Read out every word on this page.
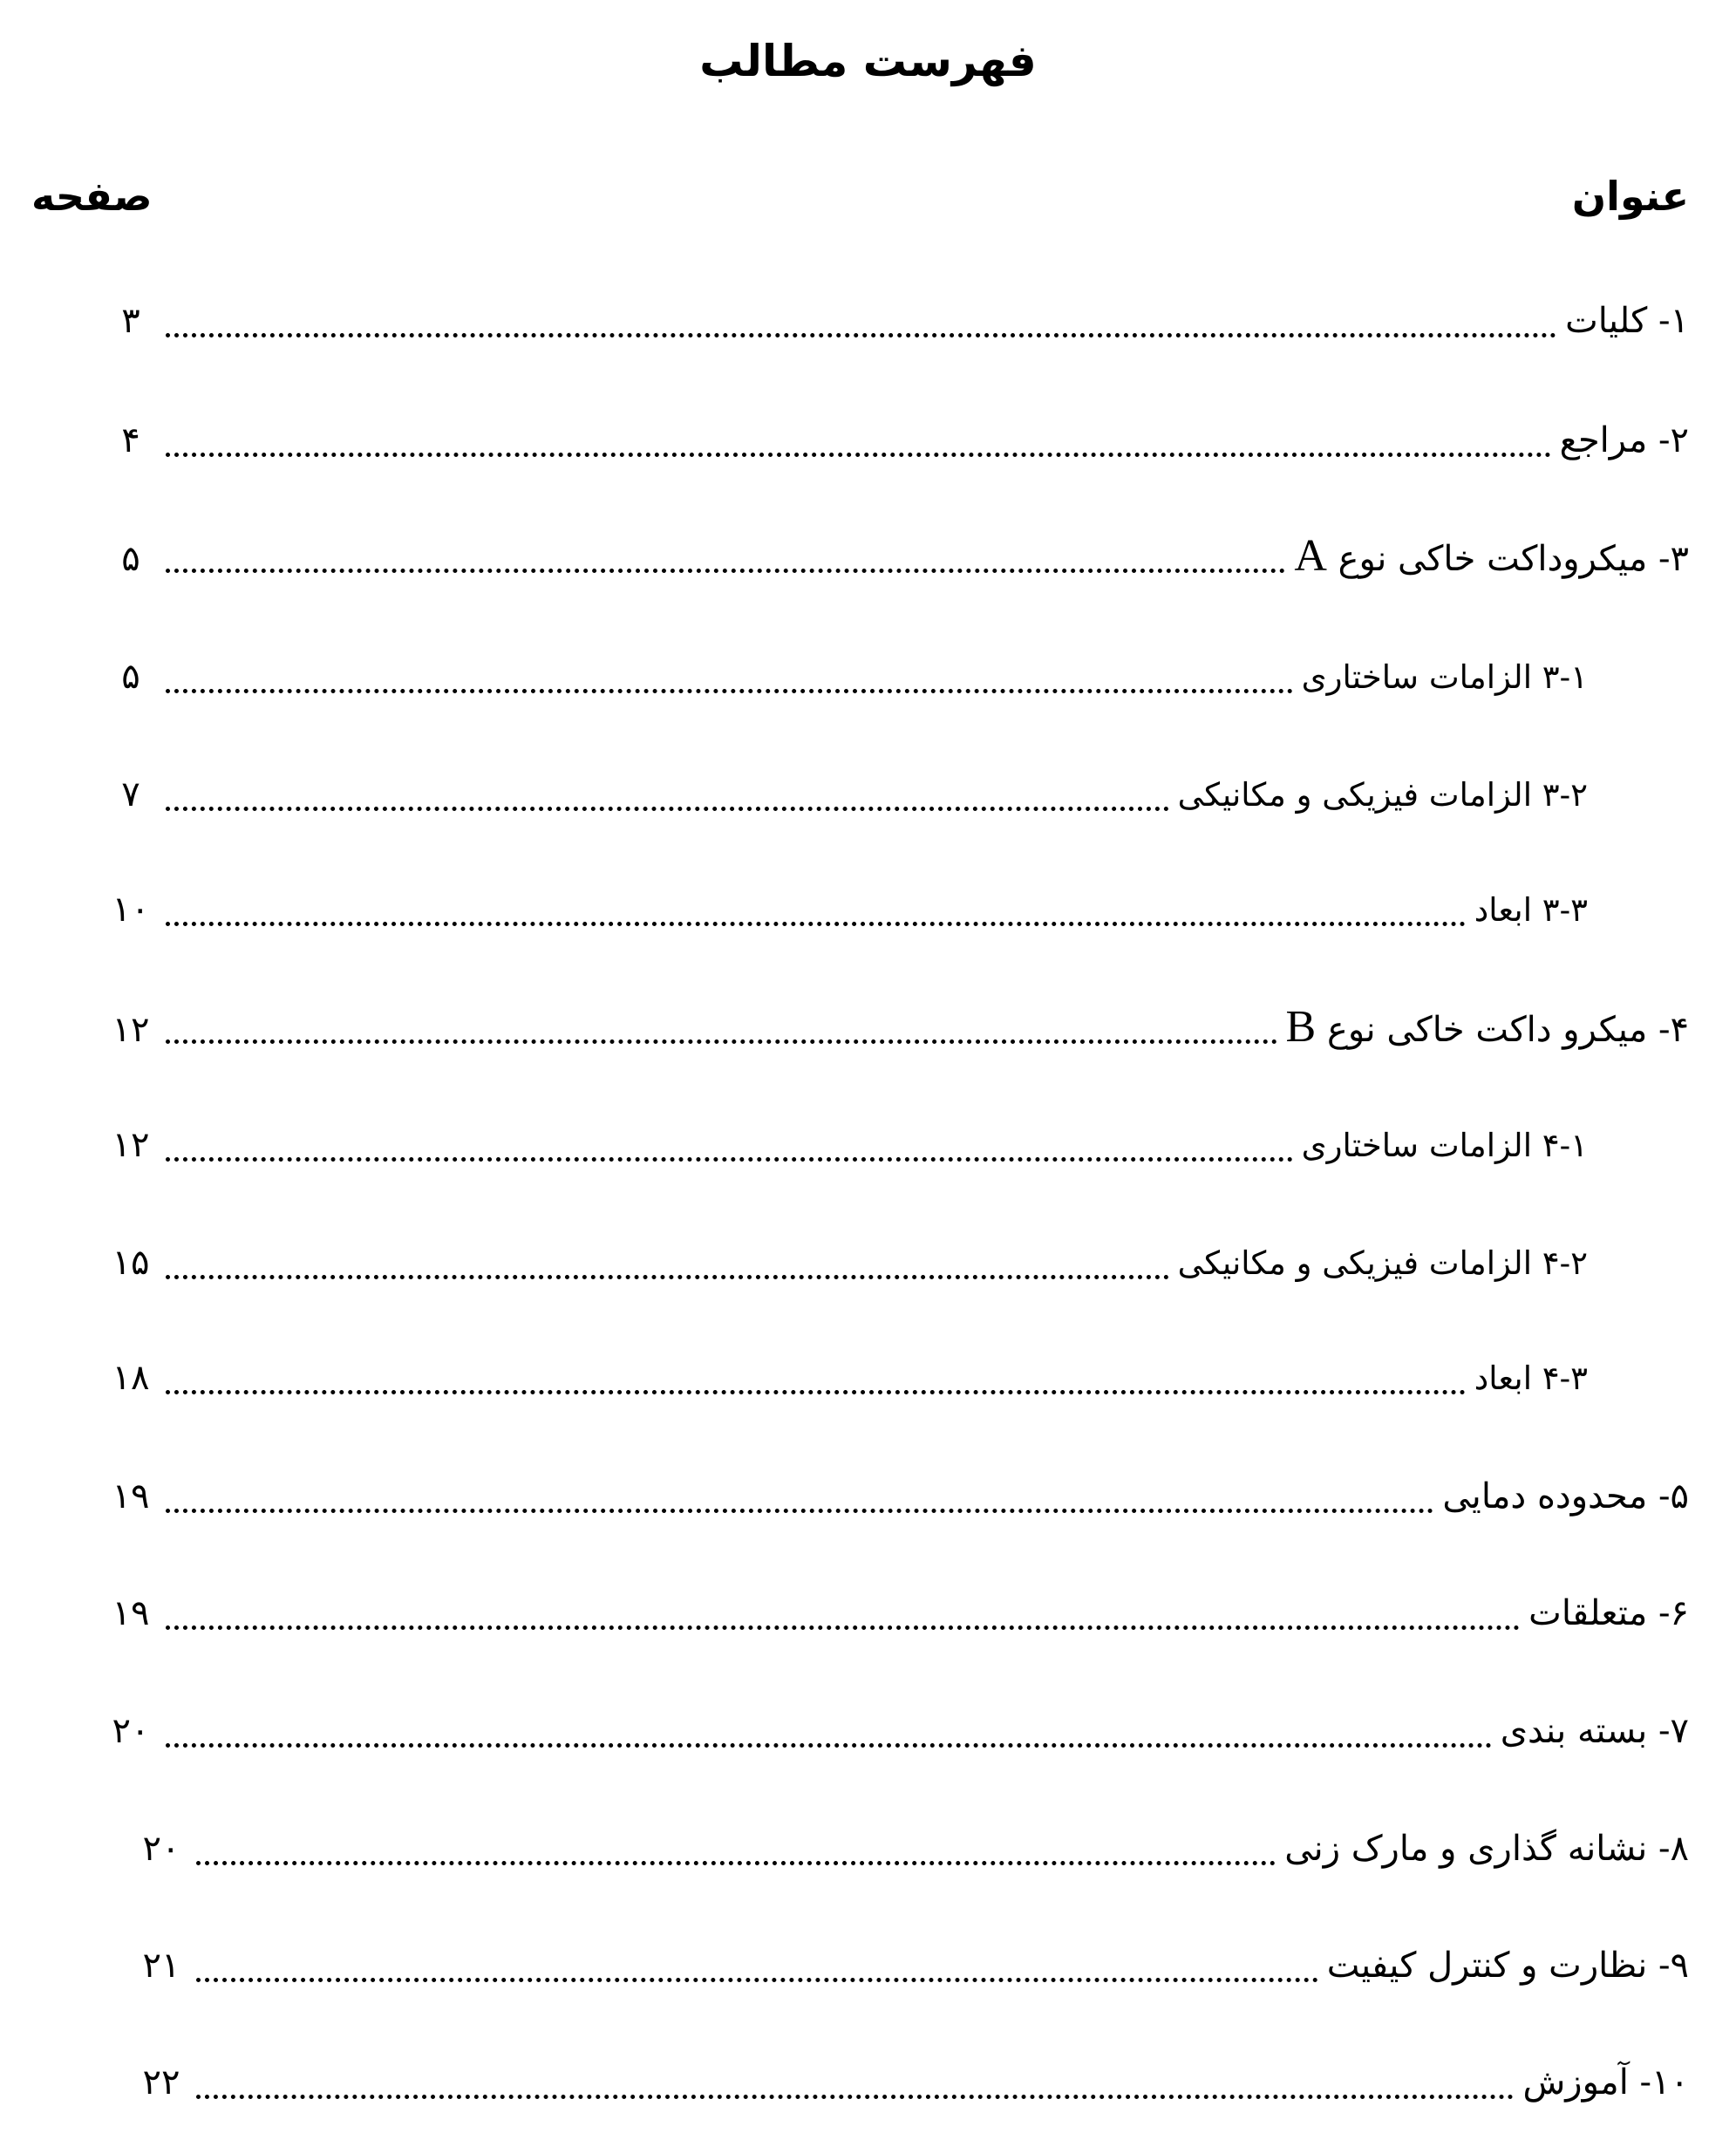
فهرست مطالب
عنوان
صفحه
۱- کلیات
۳
۲- مراجع
۴
۳- میکروداکت خاکی نوع A
۵
۳-۱ الزامات ساختاری
۵
۳-۲ الزامات فیزیکی و مکانیکی
۷
۳-۳ ابعاد
۱۰
۴- میکرو داکت خاکی نوع B
۱۲
۴-۱ الزامات ساختاری
۱۲
۴-۲ الزامات فیزیکی و مکانیکی
۱۵
۴-۳ ابعاد
۱۸
۵- محدوده دمایی
۱۹
۶- متعلقات
۱۹
۷- بسته بندی
۲۰
۸- نشانه گذاری و مارک زنی
۲۰
۹- نظارت و کنترل کیفیت
۲۱
۱۰- آموزش
۲۲
